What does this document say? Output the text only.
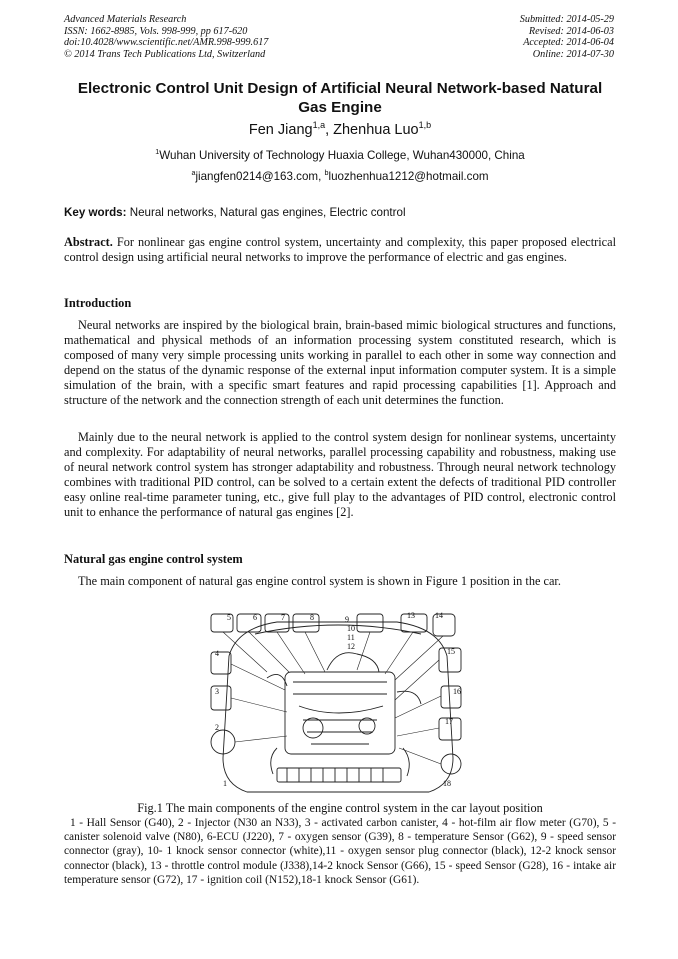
Advanced Materials Research
ISSN: 1662-8985, Vols. 998-999, pp 617-620
doi:10.4028/www.scientific.net/AMR.998-999.617
© 2014 Trans Tech Publications Ltd, Switzerland
Submitted: 2014-05-29
Revised: 2014-06-03
Accepted: 2014-06-04
Online: 2014-07-30
Electronic Control Unit Design of Artificial Neural Network-based Natural Gas Engine
Fen Jiang$^{1,a}$, Zhenhua Luo$^{1,b}$
$^1$Wuhan University of Technology Huaxia College, Wuhan430000, China
$^a$jiangfen0214@163.com, $^b$luozhenhua1212@hotmail.com
Key words: Neural networks, Natural gas engines, Electric control
Abstract. For nonlinear gas engine control system, uncertainty and complexity, this paper proposed electrical control design using artificial neural networks to improve the performance of electric and gas engines.
Introduction
Neural networks are inspired by the biological brain, brain-based mimic biological structures and functions, mathematical and physical methods of an information processing system constituted research, which is composed of many very simple processing units working in parallel to each other in some way connection and depend on the status of the dynamic response of the external input information computer system. It is a simple simulation of the brain, with a specific smart features and rapid processing capabilities [1]. Approach and structure of the network and the connection strength of each unit determines the function.
Mainly due to the neural network is applied to the control system design for nonlinear systems, uncertainty and complexity. For adaptability of neural networks, parallel processing capability and robustness, making use of neural network control system has stronger adaptability and robustness. Through neural network technology combines with traditional PID control, can be solved to a certain extent the defects of traditional PID controller easy online real-time parameter tuning, etc., give full play to the advantages of PID control, electronic control unit to enhance the performance of natural gas engines [2].
Natural gas engine control system
The main component of natural gas engine control system is shown in Figure 1 position in the car.
5	6	7	8	9
10
11
12
13	14
4
3
2
1
15
16
17
18
Fig.1 The main components of the engine control system in the car layout position
1 - Hall Sensor (G40), 2 - Injector (N30 an N33), 3 - activated carbon canister, 4 - hot-film air flow meter (G70), 5 - canister solenoid valve (N80), 6-ECU (J220), 7 - oxygen sensor (G39), 8 - temperature Sensor (G62), 9 - speed sensor connector (gray), 10- 1 knock sensor connector (white),11 - oxygen sensor plug connector (black), 12-2 knock sensor connector (black), 13 - throttle control module (J338),14-2 knock Sensor (G66), 15 - speed Sensor (G28), 16 - intake air temperature sensor (G72), 17 - ignition coil (N152),18-1 knock Sensor (G61).
